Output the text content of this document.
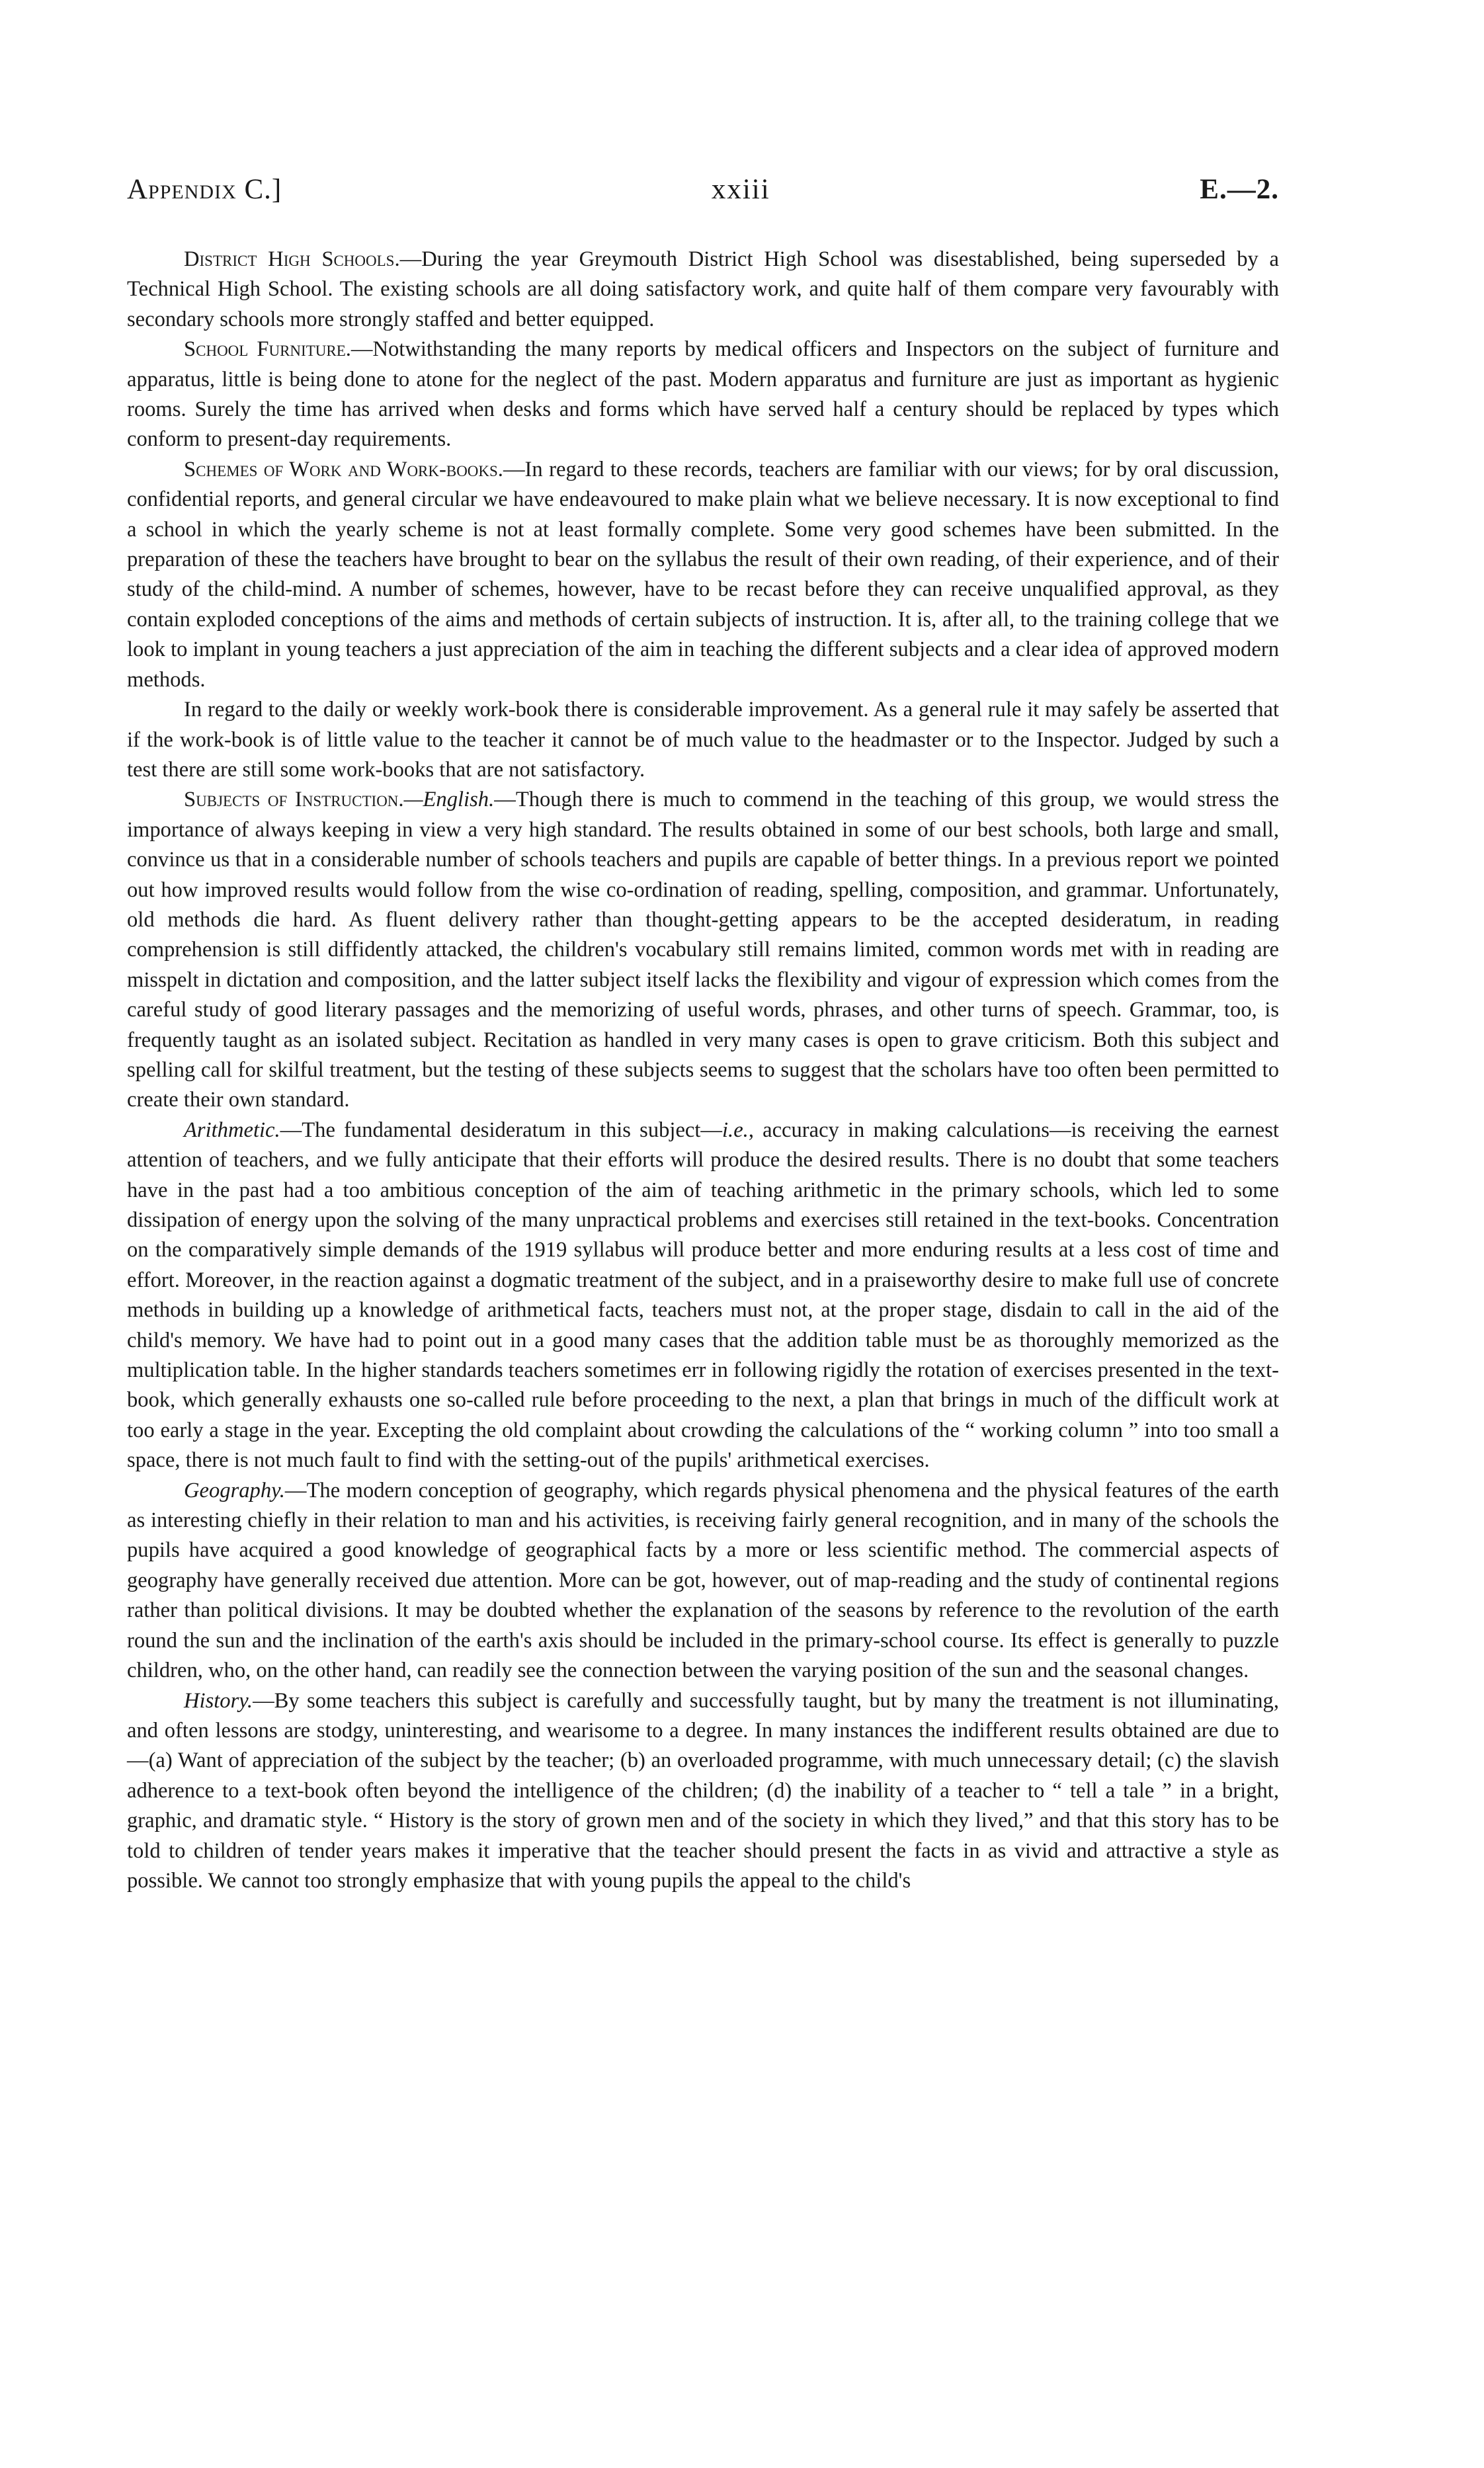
Appendix C.]	xxiii	E.—2.

District High Schools.—During the year Greymouth District High School was disestablished, being superseded by a Technical High School. The existing schools are all doing satisfactory work, and quite half of them compare very favourably with secondary schools more strongly staffed and better equipped.

School Furniture.—Notwithstanding the many reports by medical officers and Inspectors on the subject of furniture and apparatus, little is being done to atone for the neglect of the past. Modern apparatus and furniture are just as important as hygienic rooms. Surely the time has arrived when desks and forms which have served half a century should be replaced by types which conform to present-day requirements.

Schemes of Work and Work-books.—In regard to these records, teachers are familiar with our views; for by oral discussion, confidential reports, and general circular we have endeavoured to make plain what we believe necessary. It is now exceptional to find a school in which the yearly scheme is not at least formally complete. Some very good schemes have been submitted. In the preparation of these the teachers have brought to bear on the syllabus the result of their own reading, of their experience, and of their study of the child-mind. A number of schemes, however, have to be recast before they can receive unqualified approval, as they contain exploded conceptions of the aims and methods of certain subjects of instruction. It is, after all, to the training college that we look to implant in young teachers a just appreciation of the aim in teaching the different subjects and a clear idea of approved modern methods.

In regard to the daily or weekly work-book there is considerable improvement. As a general rule it may safely be asserted that if the work-book is of little value to the teacher it cannot be of much value to the headmaster or to the Inspector. Judged by such a test there are still some work-books that are not satisfactory.

Subjects of Instruction.—English.—Though there is much to commend in the teaching of this group, we would stress the importance of always keeping in view a very high standard. The results obtained in some of our best schools, both large and small, convince us that in a considerable number of schools teachers and pupils are capable of better things. In a previous report we pointed out how improved results would follow from the wise co-ordination of reading, spelling, composition, and grammar. Unfortunately, old methods die hard. As fluent delivery rather than thought-getting appears to be the accepted desideratum, in reading comprehension is still diffidently attacked, the children's vocabulary still remains limited, common words met with in reading are misspelt in dictation and composition, and the latter subject itself lacks the flexibility and vigour of expression which comes from the careful study of good literary passages and the memorizing of useful words, phrases, and other turns of speech. Grammar, too, is frequently taught as an isolated subject. Recitation as handled in very many cases is open to grave criticism. Both this subject and spelling call for skilful treatment, but the testing of these subjects seems to suggest that the scholars have too often been permitted to create their own standard.

Arithmetic.—The fundamental desideratum in this subject—i.e., accuracy in making calculations—is receiving the earnest attention of teachers, and we fully anticipate that their efforts will produce the desired results. There is no doubt that some teachers have in the past had a too ambitious conception of the aim of teaching arithmetic in the primary schools, which led to some dissipation of energy upon the solving of the many unpractical problems and exercises still retained in the text-books. Concentration on the comparatively simple demands of the 1919 syllabus will produce better and more enduring results at a less cost of time and effort. Moreover, in the reaction against a dogmatic treatment of the subject, and in a praiseworthy desire to make full use of concrete methods in building up a knowledge of arithmetical facts, teachers must not, at the proper stage, disdain to call in the aid of the child's memory. We have had to point out in a good many cases that the addition table must be as thoroughly memorized as the multiplication table. In the higher standards teachers sometimes err in following rigidly the rotation of exercises presented in the text-book, which generally exhausts one so-called rule before proceeding to the next, a plan that brings in much of the difficult work at too early a stage in the year. Excepting the old complaint about crowding the calculations of the “ working column ” into too small a space, there is not much fault to find with the setting-out of the pupils' arithmetical exercises.

Geography.—The modern conception of geography, which regards physical phenomena and the physical features of the earth as interesting chiefly in their relation to man and his activities, is receiving fairly general recognition, and in many of the schools the pupils have acquired a good knowledge of geographical facts by a more or less scientific method. The commercial aspects of geography have generally received due attention. More can be got, however, out of map-reading and the study of continental regions rather than political divisions. It may be doubted whether the explanation of the seasons by reference to the revolution of the earth round the sun and the inclination of the earth's axis should be included in the primary-school course. Its effect is generally to puzzle children, who, on the other hand, can readily see the connection between the varying position of the sun and the seasonal changes.

History.—By some teachers this subject is carefully and successfully taught, but by many the treatment is not illuminating, and often lessons are stodgy, uninteresting, and wearisome to a degree. In many instances the indifferent results obtained are due to—(a) Want of appreciation of the subject by the teacher; (b) an overloaded programme, with much unnecessary detail; (c) the slavish adherence to a text-book often beyond the intelligence of the children; (d) the inability of a teacher to “ tell a tale ” in a bright, graphic, and dramatic style. “ History is the story of grown men and of the society in which they lived,” and that this story has to be told to children of tender years makes it imperative that the teacher should present the facts in as vivid and attractive a style as possible. We cannot too strongly emphasize that with young pupils the appeal to the child's
